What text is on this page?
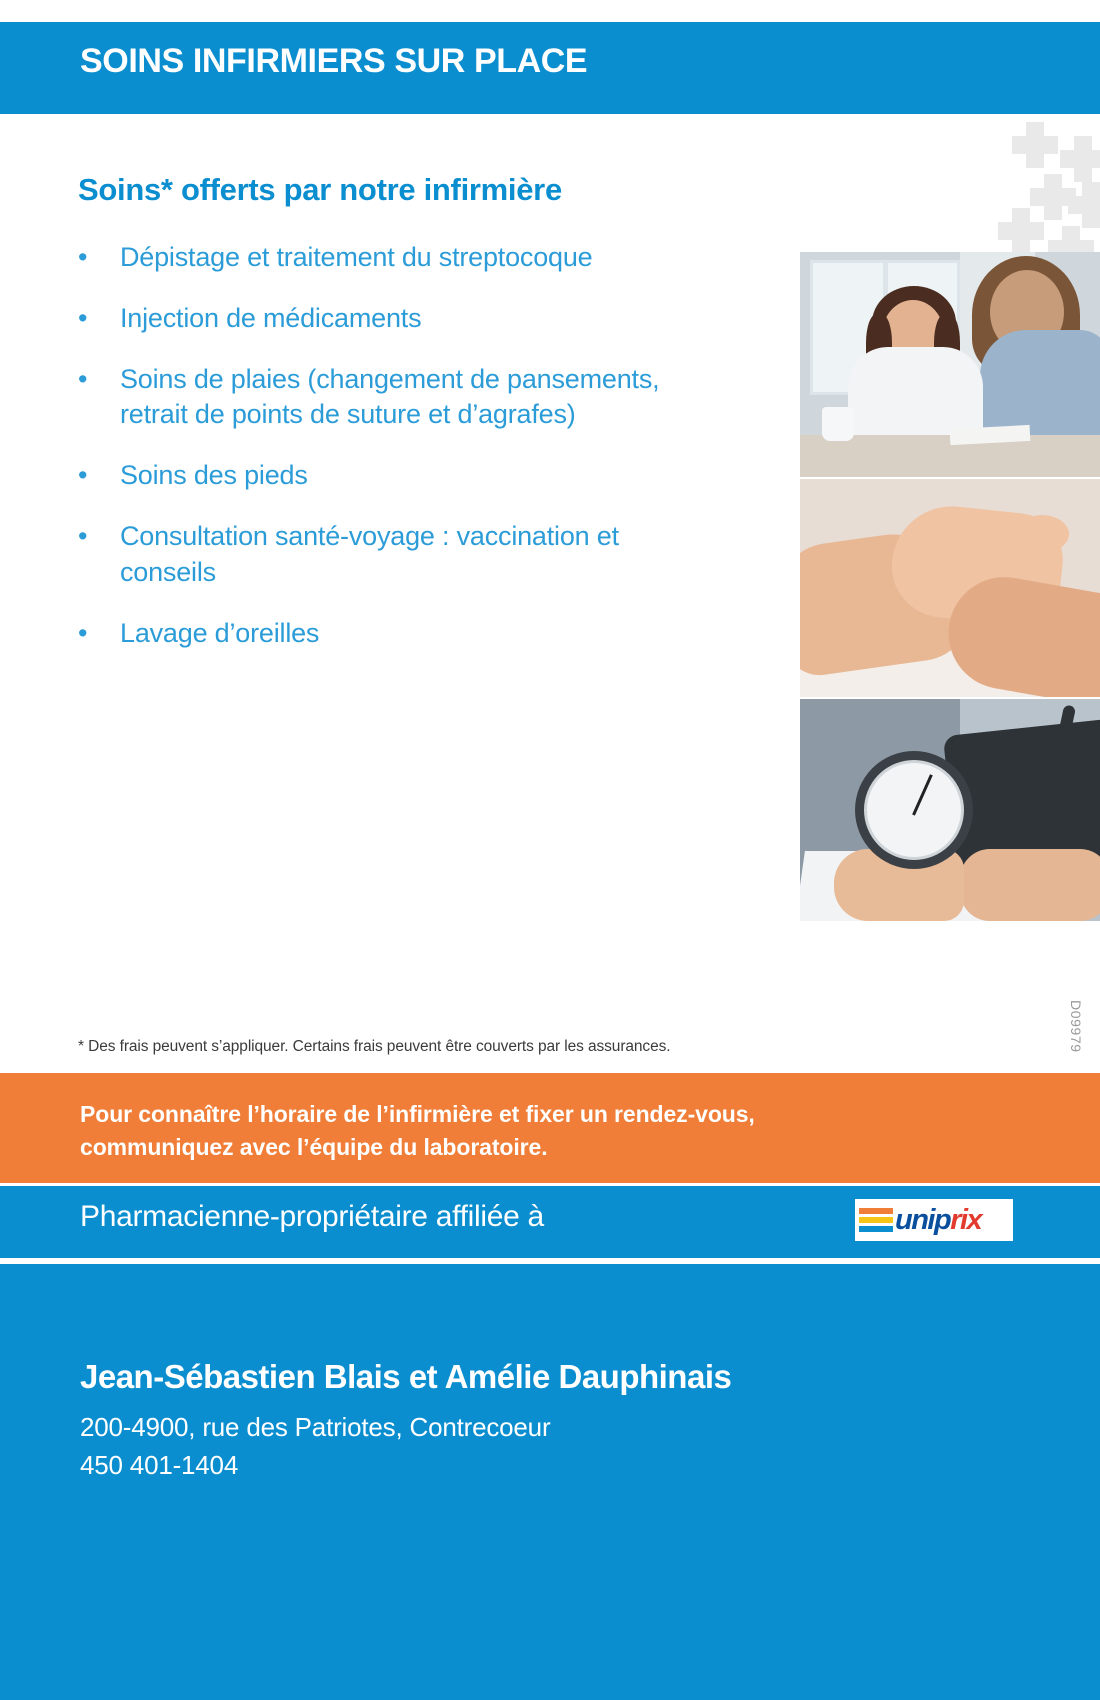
SOINS INFIRMIERS SUR PLACE
Soins* offerts par notre infirmière
• Dépistage et traitement du streptocoque
• Injection de médicaments
• Soins de plaies (changement de pansements, retrait de points de suture et d’agrafes)
• Soins des pieds
• Consultation santé-voyage : vaccination et conseils
• Lavage d’oreilles
* Des frais peuvent s’appliquer. Certains frais peuvent être couverts par les assurances.	D09979
Pour connaître l’horaire de l’infirmière et fixer un rendez-vous,
communiquez avec l’équipe du laboratoire.
Pharmacienne-propriétaire affiliée à	uniprix
Jean-Sébastien Blais et Amélie Dauphinais
200-4900, rue des Patriotes, Contrecoeur
450 401-1404
